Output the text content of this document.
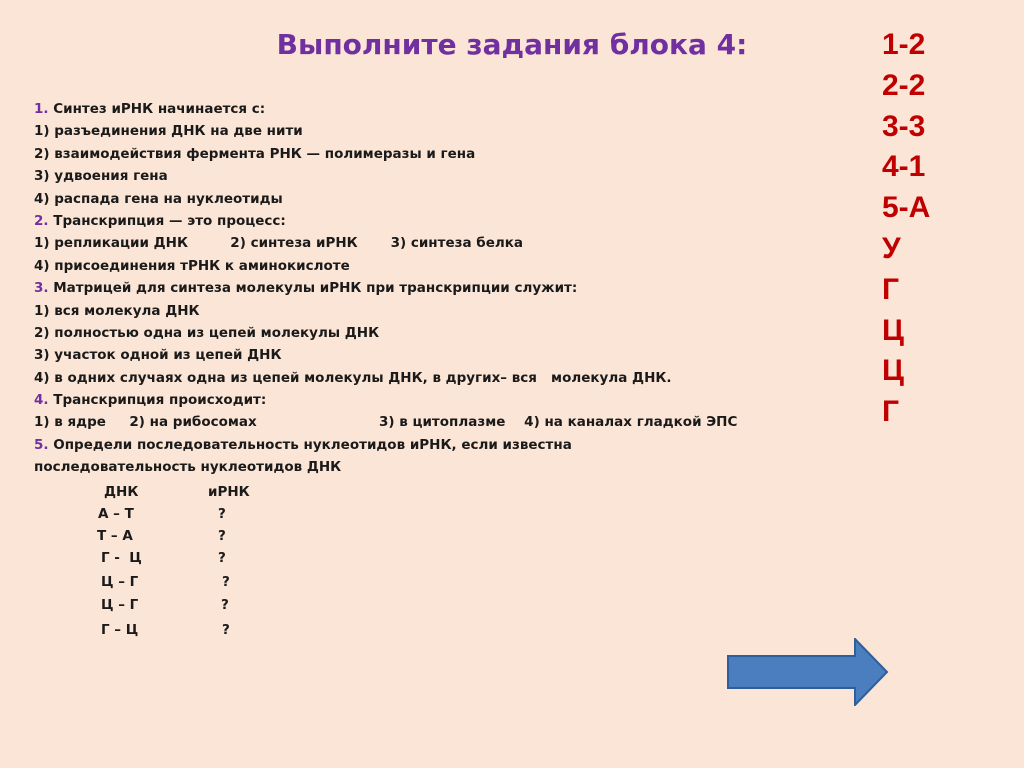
Выполните задания блока 4:
1. Синтез иРНК начинается с:
1) разъединения ДНК на две нити
2) взаимодействия фермента РНК — полимеразы и гена
3) удвоения гена
4) распада гена на нуклеотиды
2. Транскрипция — это процесс:
1) репликации ДНК         2) синтеза иРНК       3) синтеза белка
4) присоединения тРНК к аминокислоте
3. Матрицей для синтеза молекулы иРНК при транскрипции служит:
1) вся молекула ДНК
2) полностью одна из цепей молекулы ДНК
3) участок одной из цепей ДНК
4) в одних случаях одна из цепей молекулы ДНК, в других– вся   молекула ДНК.
4. Транскрипция происходит:
1) в ядре     2) на рибосомах                          3) в цитоплазме    4) на каналах гладкой ЭПС
5. Определи последовательность нуклеотидов иРНК, если известна
последовательность нуклеотидов ДНК
ДНК	иРНК
А – Т	?
Т – А	?
Г -  Ц	?
Ц – Г	?
Ц – Г	?
Г – Ц	?
1-2
2-2
3-3
4-1
5-А
У
Г
Ц
Ц
Г
